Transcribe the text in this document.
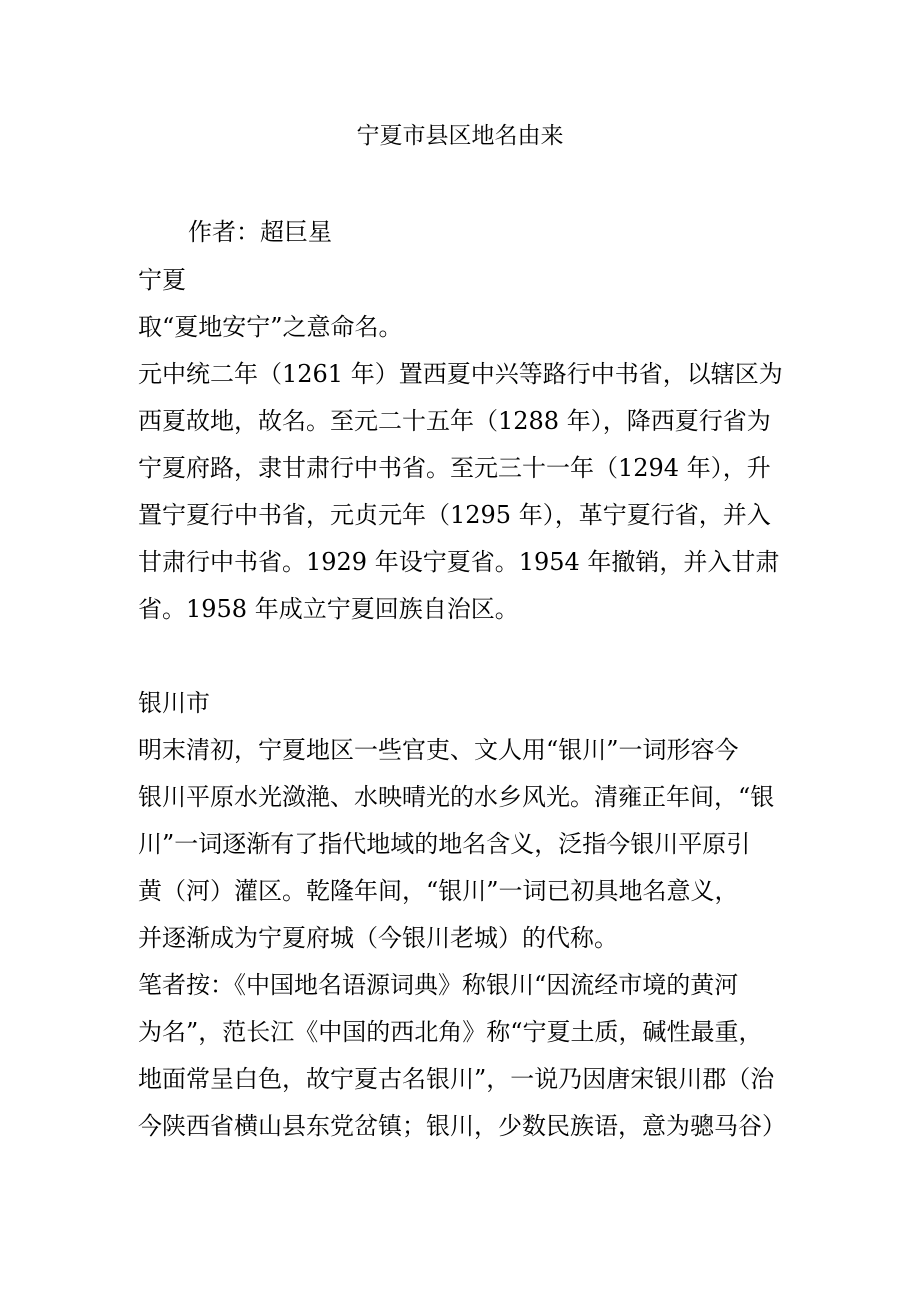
宁夏市县区地名由来
作者：超巨星
宁夏
取“夏地安宁”之意命名。
元中统二年（1261 年）置西夏中兴等路行中书省，以辖区为
西夏故地，故名。至元二十五年（1288 年），降西夏行省为
宁夏府路，隶甘肃行中书省。至元三十一年（1294 年），升
置宁夏行中书省，元贞元年（1295 年），革宁夏行省，并入
甘肃行中书省。1929 年设宁夏省。1954 年撤销，并入甘肃
省。1958 年成立宁夏回族自治区。
银川市
明末清初，宁夏地区一些官吏、文人用“银川”一词形容今
银川平原水光潋滟、水映晴光的水乡风光。清雍正年间，“银
川”一词逐渐有了指代地域的地名含义，泛指今银川平原引
黄（河）灌区。乾隆年间，“银川”一词已初具地名意义，
并逐渐成为宁夏府城（今银川老城）的代称。
笔者按：《中国地名语源词典》称银川“因流经市境的黄河
为名”，范长江《中国的西北角》称“宁夏土质，碱性最重，
地面常呈白色，故宁夏古名银川”，一说乃因唐宋银川郡（治
今陕西省横山县东党岔镇；银川，少数民族语，意为骢马谷）
